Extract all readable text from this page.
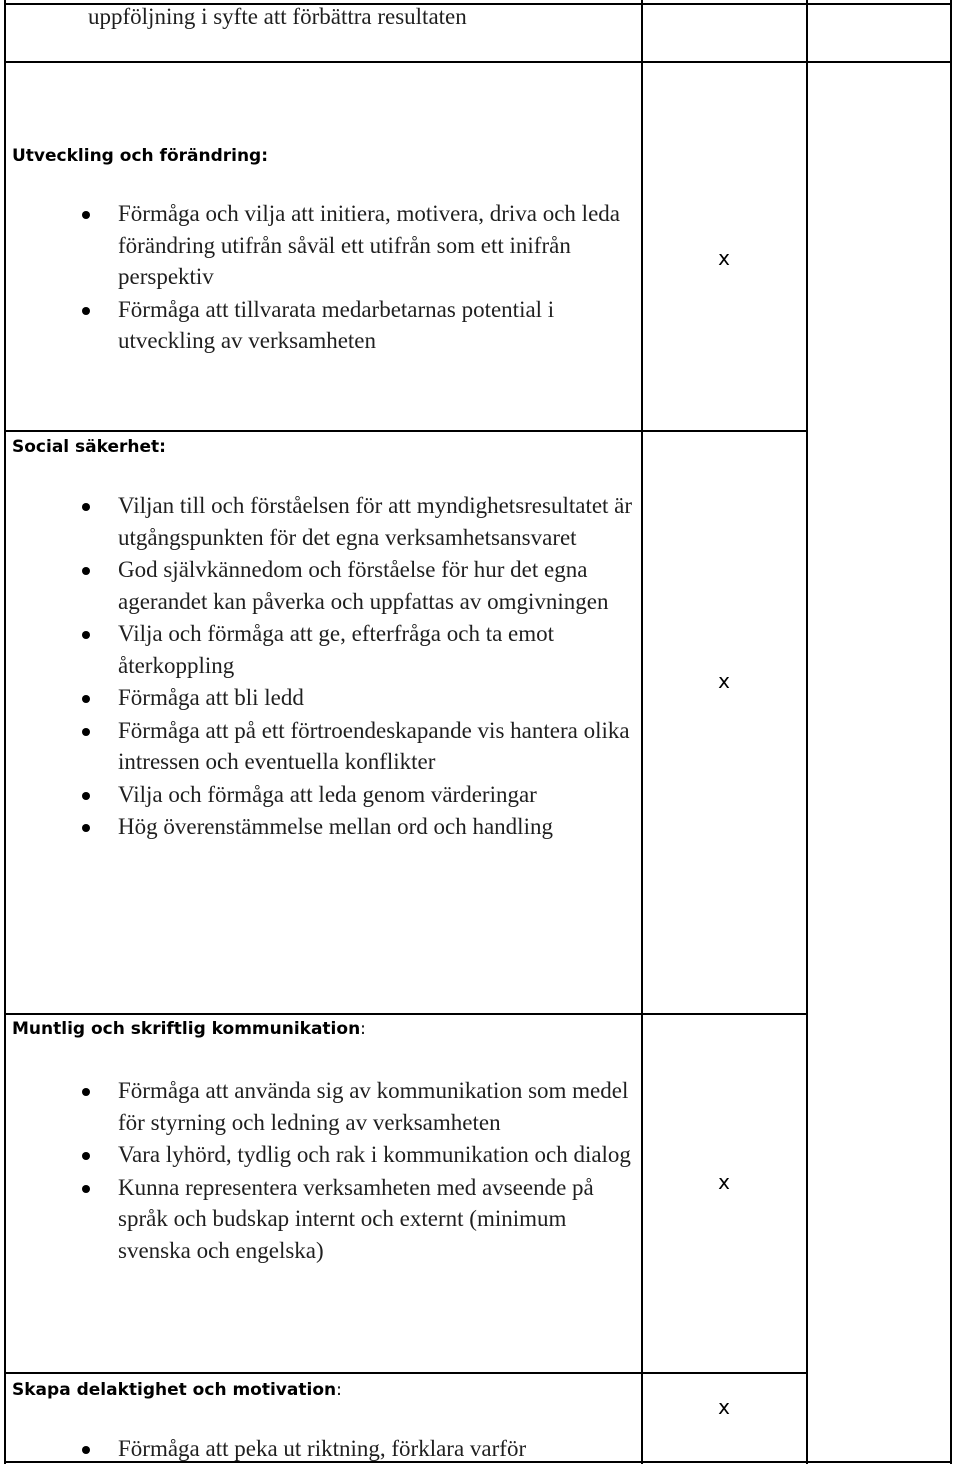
uppföljning i syfte att förbättra resultaten

Utveckling och förändring:

Förmåga och vilja att initiera, motivera, driva och leda förändring utifrån såväl ett utifrån som ett inifrån perspektiv
Förmåga att tillvarata medarbetarnas potential i utveckling av verksamheten
x

Social säkerhet:

Viljan till och förståelsen för att myndighetsresultatet är utgångspunkten för det egna verksamhetsansvaret
God självkännedom och förståelse för hur det egna agerandet kan påverka och uppfattas av omgivningen
Vilja och förmåga att ge, efterfråga och ta emot återkoppling
Förmåga att bli ledd
Förmåga att på ett förtroendeskapande vis hantera olika intressen och eventuella konflikter
Vilja och förmåga att leda genom värderingar
Hög överenstämmelse mellan ord och handling
x

Muntlig och skriftlig kommunikation:

Förmåga att använda sig av kommunikation som medel för styrning och ledning av verksamheten
Vara lyhörd, tydlig och rak i kommunikation och dialog
Kunna representera verksamheten med avseende på språk och budskap internt och externt (minimum svenska och engelska)
x

Skapa delaktighet och motivation:

Förmåga att peka ut riktning, förklara varför
x
